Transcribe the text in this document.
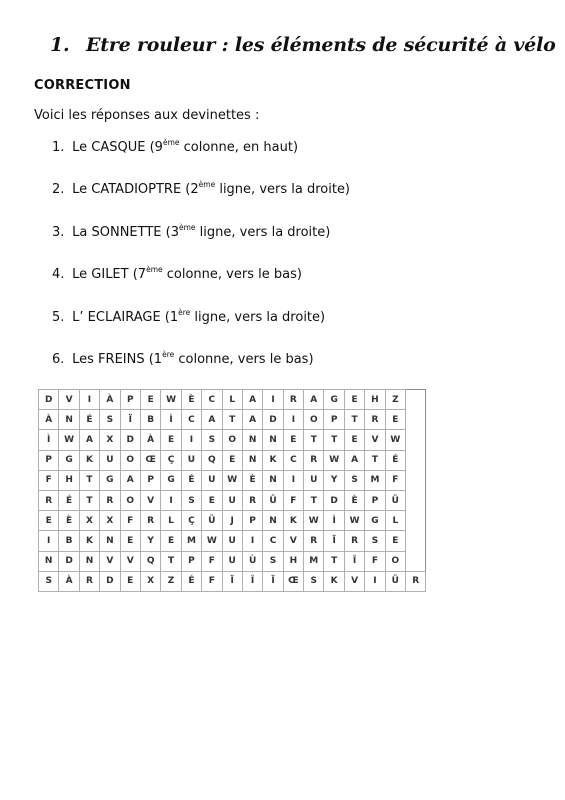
1. Etre rouleur : les éléments de sécurité à vélo
CORRECTION
Voici les réponses aux devinettes :
1. Le CASQUE (9ème colonne, en haut)
2. Le CATADIOPTRE (2ème ligne, vers la droite)
3. La SONNETTE (3ème ligne, vers la droite)
4. Le GILET (7ème colonne, vers le bas)
5. L’ ECLAIRAGE (1ère ligne, vers la droite)
6. Les FREINS (1ère colonne, vers le bas)
D	V	I	À	P	E	W	È	C	L	A	I	R	A	G	E	H	Z	
À	N	É	S	Ï	B	Ì	C	A	T	A	D	I	O	P	T	R	E	
Ì	W	A	X	D	À	E	I	S	O	N	N	E	T	T	E	V	W	
P	G	K	U	O	Œ	Ç	U	Q	E	N	K	C	R	W	A	T	É	
F	H	T	G	A	P	G	É	U	W	È	N	I	U	Y	S	M	F	
R	É	T	R	O	V	I	S	E	U	R	Û	F	T	D	È	P	Ü	
E	È	X	X	F	R	L	Ç	Ü	J	P	N	K	W	Ì	W	G	L	
I	B	K	N	E	Y	E	M	W	U	I	C	V	R	Ï	R	S	E	
N	D	N	V	V	Q	T	P	F	U	Ù	S	H	M	T	Î	F	O	
S	À	R	D	E	X	Z	É	F	Ï	Î	Ï	Œ	S	K	V	I	Ü	R
